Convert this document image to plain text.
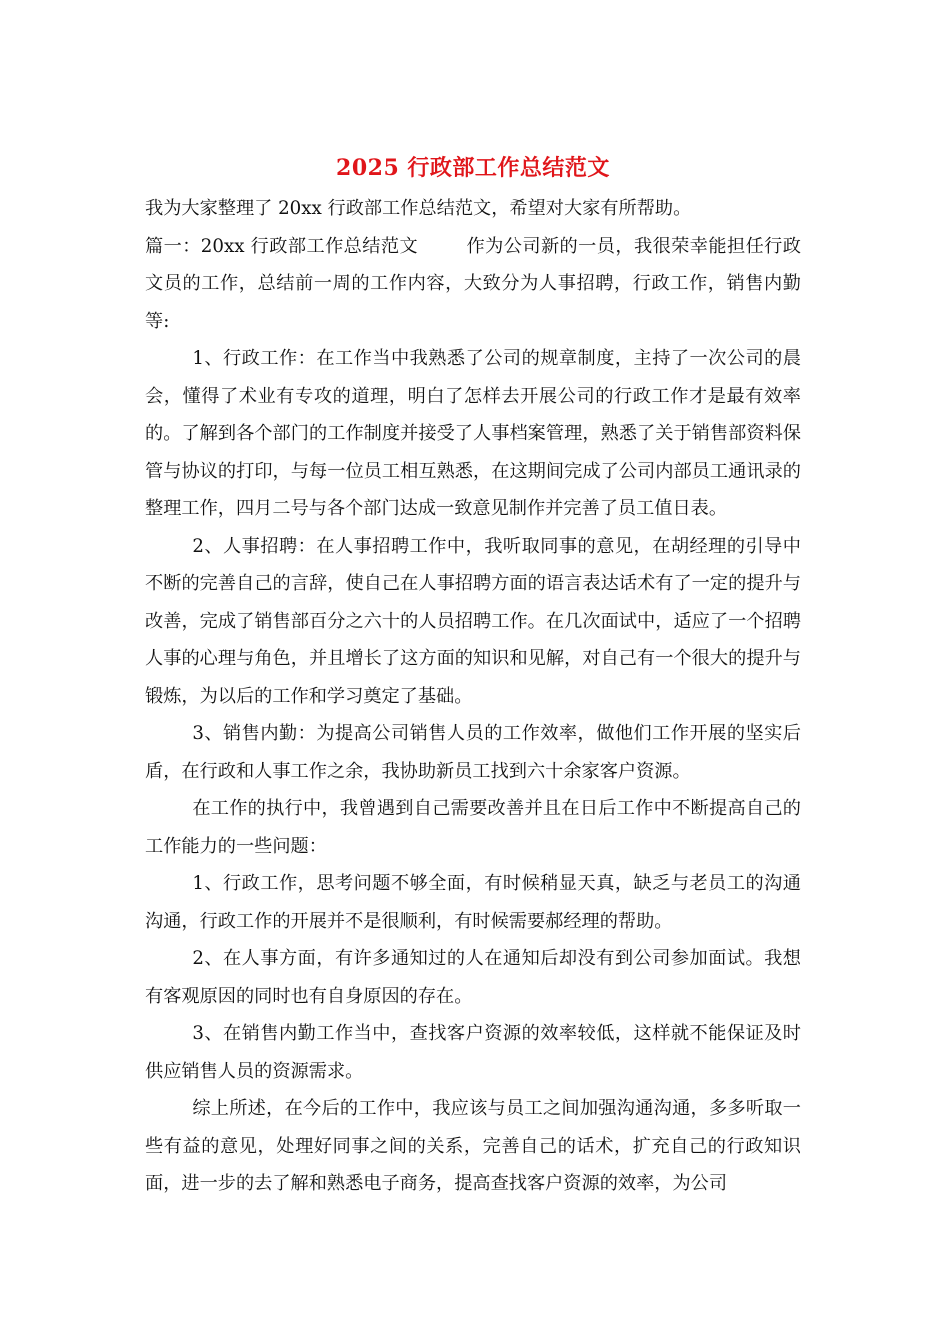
2025 行政部工作总结范文

我为大家整理了 20xx 行政部工作总结范文，希望对大家有所帮助。

篇一：20xx 行政部工作总结范文	作为公司新的一员，我很荣幸能担任行政文员的工作，总结前一周的工作内容，大致分为人事招聘，行政工作，销售内勤等:

1、行政工作：在工作当中我熟悉了公司的规章制度，主持了一次公司的晨会，懂得了术业有专攻的道理，明白了怎样去开展公司的行政工作才是最有效率的。了解到各个部门的工作制度并接受了人事档案管理，熟悉了关于销售部资料保管与协议的打印，与每一位员工相互熟悉，在这期间完成了公司内部员工通讯录的整理工作，四月二号与各个部门达成一致意见制作并完善了员工值日表。

2、人事招聘：在人事招聘工作中，我听取同事的意见，在胡经理的引导中不断的完善自己的言辞，使自己在人事招聘方面的语言表达话术有了一定的提升与改善，完成了销售部百分之六十的人员招聘工作。在几次面试中，适应了一个招聘人事的心理与角色，并且增长了这方面的知识和见解，对自己有一个很大的提升与锻炼，为以后的工作和学习奠定了基础。

3、销售内勤：为提高公司销售人员的工作效率，做他们工作开展的坚实后盾，在行政和人事工作之余，我协助新员工找到六十余家客户资源。

在工作的执行中，我曾遇到自己需要改善并且在日后工作中不断提高自己的工作能力的一些问题：

1、行政工作，思考问题不够全面，有时候稍显天真，缺乏与老员工的沟通沟通，行政工作的开展并不是很顺利，有时候需要郝经理的帮助。

2、在人事方面，有许多通知过的人在通知后却没有到公司参加面试。我想有客观原因的同时也有自身原因的存在。

3、在销售内勤工作当中，查找客户资源的效率较低，这样就不能保证及时供应销售人员的资源需求。

综上所述，在今后的工作中，我应该与员工之间加强沟通沟通，多多听取一些有益的意见，处理好同事之间的关系，完善自己的话术，扩充自己的行政知识面，进一步的去了解和熟悉电子商务，提高查找客户资源的效率，为公司
